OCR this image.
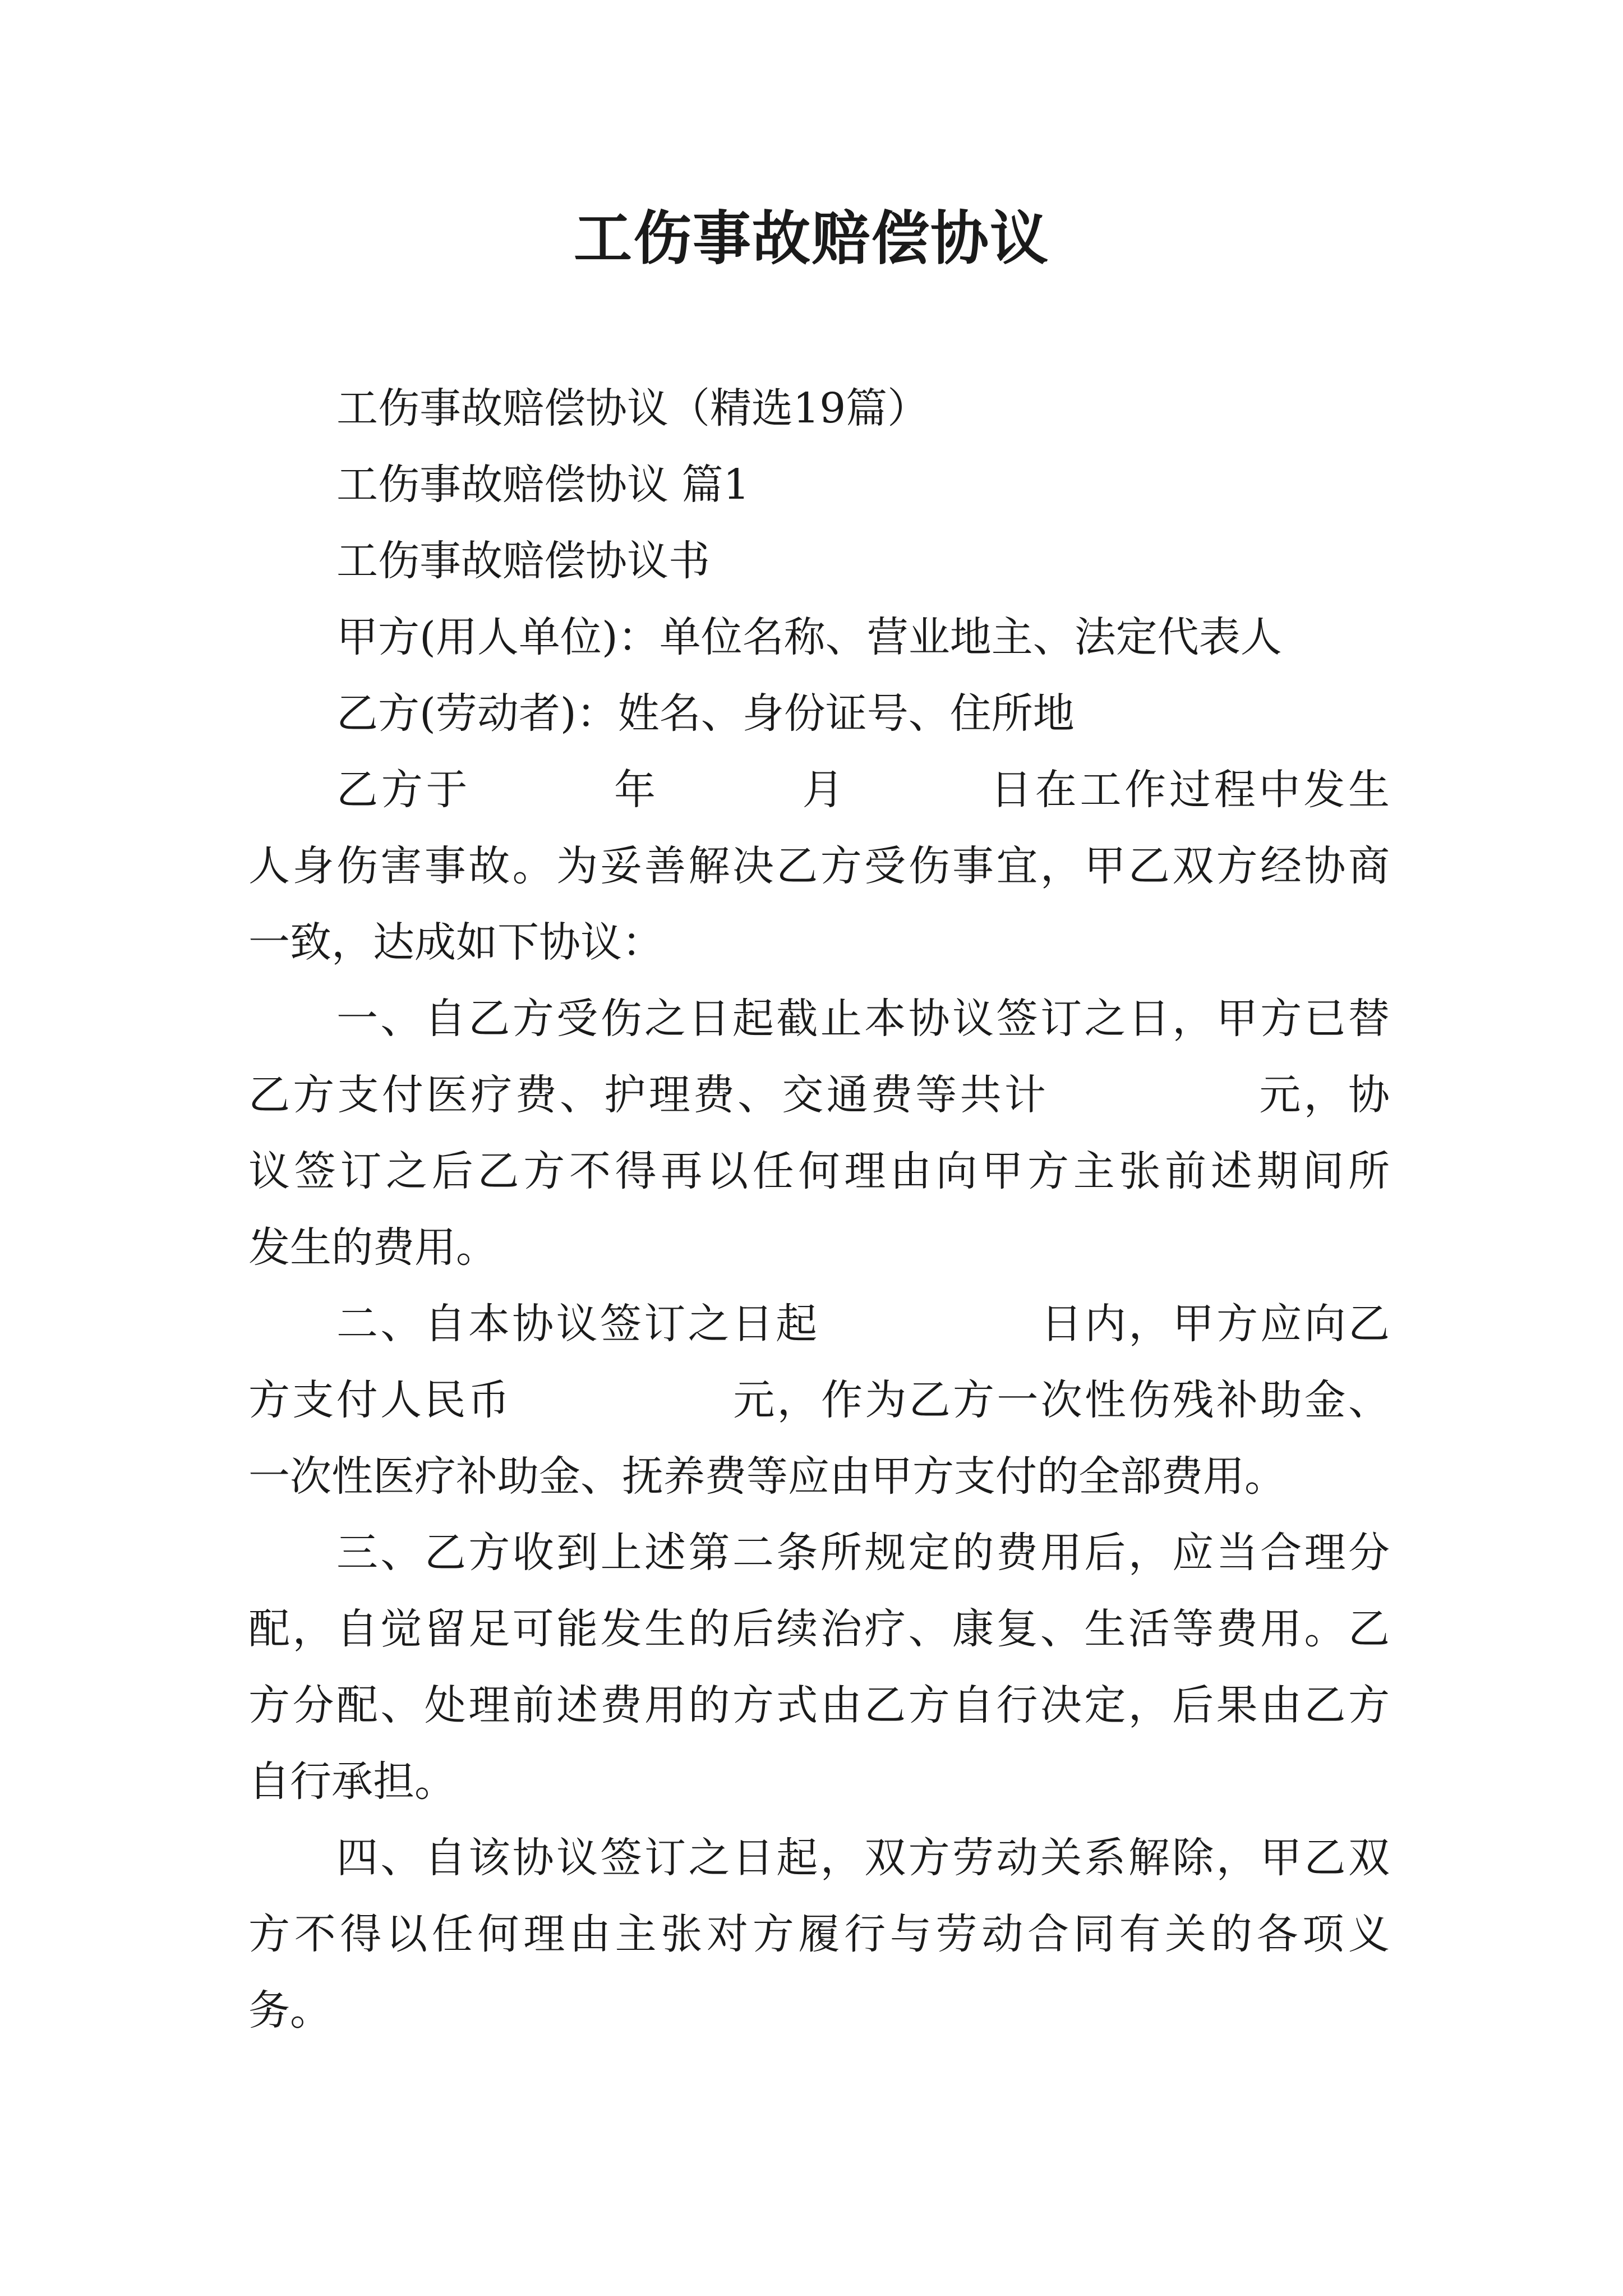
工伤事故赔偿协议
工伤事故赔偿协议（精选19篇）
工伤事故赔偿协议 篇1
工伤事故赔偿协议书
甲方(用人单位)：单位名称、营业地主、法定代表人
乙方(劳动者)：姓名、身份证号、住所地
乙方于	年	月	日在工作过程中发生
人身伤害事故。为妥善解决乙方受伤事宜，甲乙双方经协商
一致，达成如下协议：
一、自乙方受伤之日起截止本协议签订之日，甲方已替
乙方支付医疗费、护理费、交通费等共计	元，协
议签订之后乙方不得再以任何理由向甲方主张前述期间所
发生的费用。
二、自本协议签订之日起	日内，甲方应向乙
方支付人民币	元，作为乙方一次性伤残补助金、
一次性医疗补助金、抚养费等应由甲方支付的全部费用。
三、乙方收到上述第二条所规定的费用后，应当合理分
配，自觉留足可能发生的后续治疗、康复、生活等费用。乙
方分配、处理前述费用的方式由乙方自行决定，后果由乙方
自行承担。
四、自该协议签订之日起，双方劳动关系解除，甲乙双
方不得以任何理由主张对方履行与劳动合同有关的各项义
务。
